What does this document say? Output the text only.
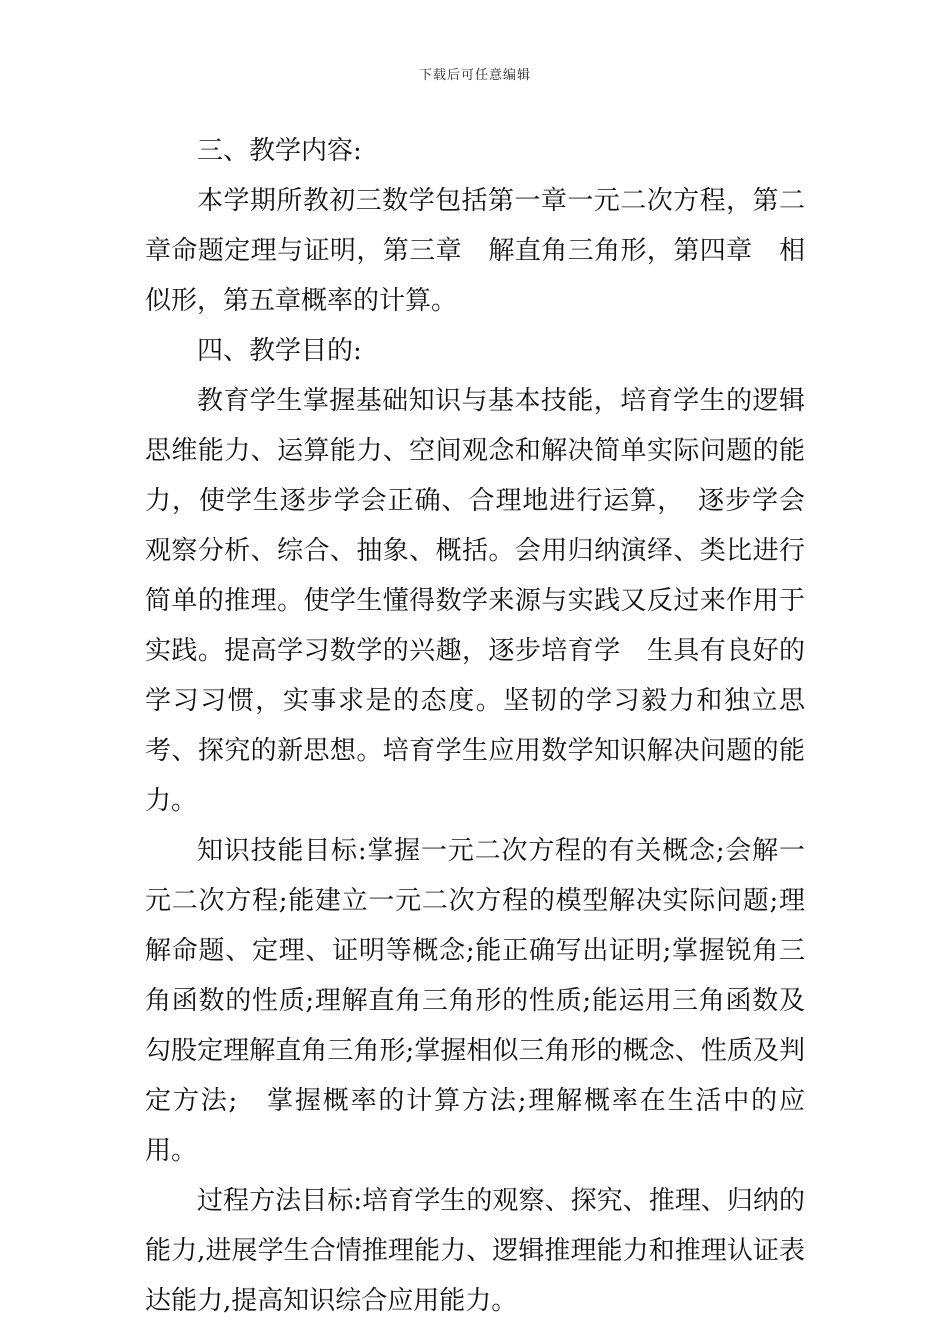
下载后可任意编辑

三、教学内容:

本学期所教初三数学包括第一章一元二次方程，第二章命题定理与证明，第三章　解直角三角形，第四章　相似形，第五章概率的计算。

四、教学目的:

教育学生掌握基础知识与基本技能，培育学生的逻辑思维能力、运算能力、空间观念和解决简单实际问题的能力，使学生逐步学会正确、合理地进行运算，　逐步学会观察分析、综合、抽象、概括。会用归纳演绎、类比进行简单的推理。使学生懂得数学来源与实践又反过来作用于实践。提高学习数学的兴趣，逐步培育学　生具有良好的学习习惯，实事求是的态度。坚韧的学习毅力和独立思考、探究的新思想。培育学生应用数学知识解决问题的能力。

知识技能目标:掌握一元二次方程的有关概念;会解一元二次方程;能建立一元二次方程的模型解决实际问题;理解命题、定理、证明等概念;能正确写出证明;掌握锐角三角函数的性质;理解直角三角形的性质;能运用三角函数及勾股定理解直角三角形;掌握相似三角形的概念、性质及判定方法;　掌握概率的计算方法;理解概率在生活中的应用。

过程方法目标:培育学生的观察、探究、推理、归纳的能力,进展学生合情推理能力、逻辑推理能力和推理认证表达能力,提高知识综合应用能力。
